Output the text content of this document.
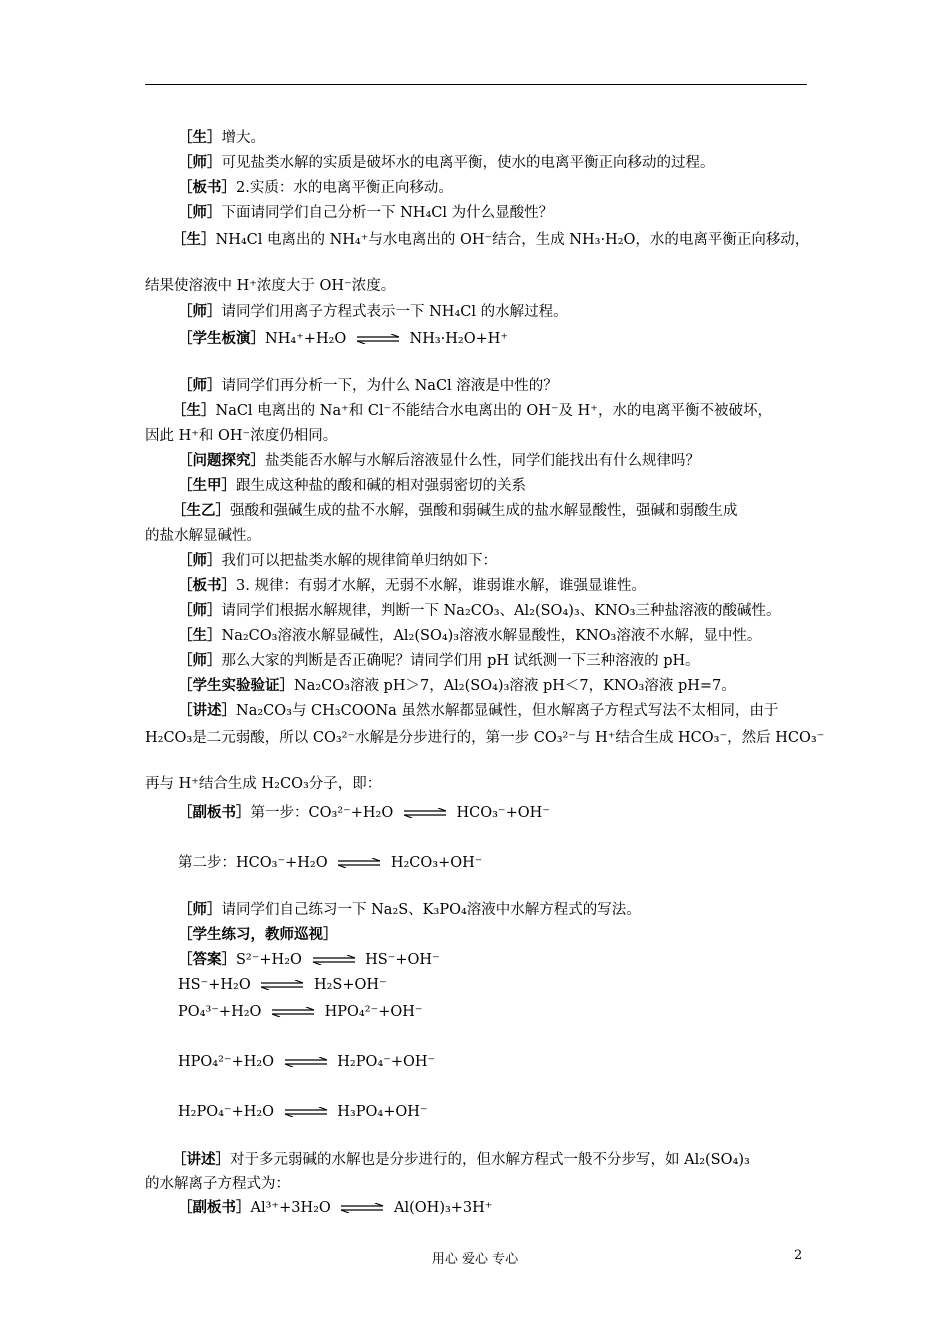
［生］增大。
［师］可见盐类水解的实质是破坏水的电离平衡，使水的电离平衡正向移动的过程。
［板书］2.实质：水的电离平衡正向移动。
［师］下面请同学们自己分析一下 NH₄Cl 为什么显酸性？
［生］NH₄Cl 电离出的 NH₄⁺与水电离出的 OH⁻结合，生成 NH₃·H₂O，水的电离平衡正向移动，
结果使溶液中 H⁺浓度大于 OH⁻浓度。
［师］请同学们用离子方程式表示一下 NH₄Cl 的水解过程。
［学生板演］NH₄⁺+H₂O ⇌ NH₃·H₂O+H⁺
［师］请同学们再分析一下，为什么 NaCl 溶液是中性的？
［生］NaCl 电离出的 Na⁺和 Cl⁻不能结合水电离出的 OH⁻及 H⁺，水的电离平衡不被破坏，
因此 H⁺和 OH⁻浓度仍相同。
［问题探究］盐类能否水解与水解后溶液显什么性，同学们能找出有什么规律吗？
［生甲］跟生成这种盐的酸和碱的相对强弱密切的关系
［生乙］强酸和强碱生成的盐不水解，强酸和弱碱生成的盐水解显酸性，强碱和弱酸生成
的盐水解显碱性。
［师］我们可以把盐类水解的规律简单归纳如下：
［板书］3. 规律：有弱才水解，无弱不水解，谁弱谁水解，谁强显谁性。
［师］请同学们根据水解规律，判断一下 Na₂CO₃、Al₂(SO₄)₃、KNO₃三种盐溶液的酸碱性。
［生］Na₂CO₃溶液水解显碱性，Al₂(SO₄)₃溶液水解显酸性，KNO₃溶液不水解，显中性。
［师］那么大家的判断是否正确呢？请同学们用 pH 试纸测一下三种溶液的 pH。
［学生实验验证］Na₂CO₃溶液 pH＞7，Al₂(SO₄)₃溶液 pH＜7，KNO₃溶液 pH=7。
［讲述］Na₂CO₃与 CH₃COONa 虽然水解都显碱性，但水解离子方程式写法不太相同，由于
H₂CO₃是二元弱酸，所以 CO₃²⁻水解是分步进行的，第一步 CO₃²⁻与 H⁺结合生成 HCO₃⁻，然后 HCO₃⁻
再与 H⁺结合生成 H₂CO₃分子，即：
［副板书］第一步：CO₃²⁻+H₂O ⇌ HCO₃⁻+OH⁻
第二步：HCO₃⁻+H₂O ⇌ H₂CO₃+OH⁻
［师］请同学们自己练习一下 Na₂S、K₃PO₄溶液中水解方程式的写法。
［学生练习，教师巡视］
［答案］S²⁻+H₂O ⇌ HS⁻+OH⁻
HS⁻+H₂O ⇌ H₂S+OH⁻
PO₄³⁻+H₂O ⇌ HPO₄²⁻+OH⁻
HPO₄²⁻+H₂O ⇌ H₂PO₄⁻+OH⁻
H₂PO₄⁻+H₂O ⇌ H₃PO₄+OH⁻
［讲述］对于多元弱碱的水解也是分步进行的，但水解方程式一般不分步写，如 Al₂(SO₄)₃
的水解离子方程式为：
［副板书］Al³⁺+3H₂O ⇌ Al(OH)₃+3H⁺
用心 爱心 专心	2
